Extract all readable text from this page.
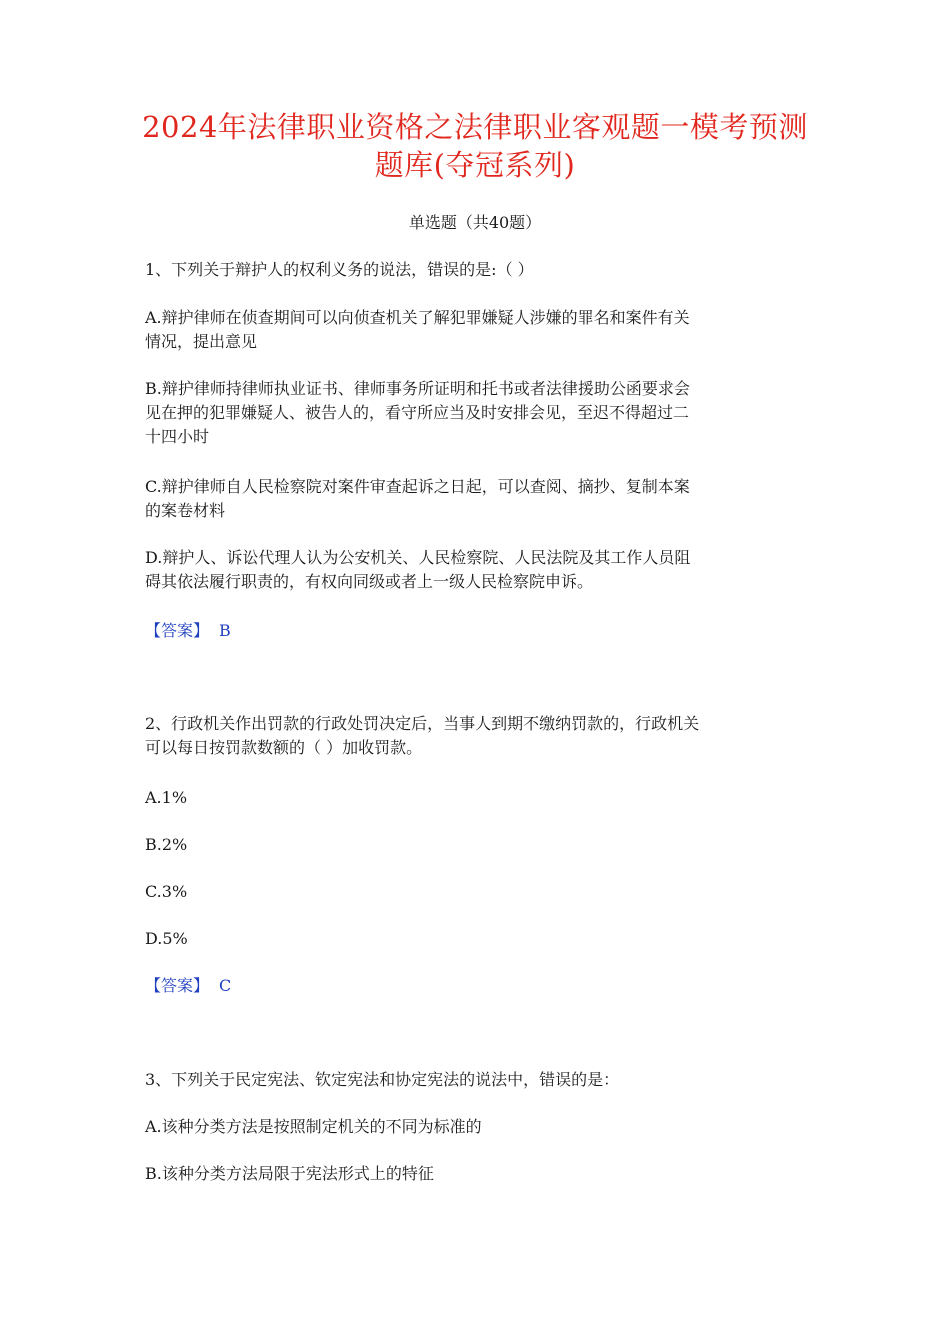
2024年法律职业资格之法律职业客观题一模考预测
题库(夺冠系列)
单选题（共40题）
1、下列关于辩护人的权利义务的说法，错误的是:（ ）
A.辩护律师在侦查期间可以向侦查机关了解犯罪嫌疑人涉嫌的罪名和案件有关
情况，提出意见
B.辩护律师持律师执业证书、律师事务所证明和托书或者法律援助公函要求会
见在押的犯罪嫌疑人、被告人的，看守所应当及时安排会见，至迟不得超过二
十四小时
C.辩护律师自人民检察院对案件审查起诉之日起，可以查阅、摘抄、复制本案
的案卷材料
D.辩护人、诉讼代理人认为公安机关、人民检察院、人民法院及其工作人员阻
碍其依法履行职责的，有权向同级或者上一级人民检察院申诉。
【答案】 B
2、行政机关作出罚款的行政处罚决定后，当事人到期不缴纳罚款的，行政机关
可以每日按罚款数额的（ ）加收罚款。
A.1%
B.2%
C.3%
D.5%
【答案】 C
3、下列关于民定宪法、钦定宪法和协定宪法的说法中，错误的是：
A.该种分类方法是按照制定机关的不同为标准的
B.该种分类方法局限于宪法形式上的特征
